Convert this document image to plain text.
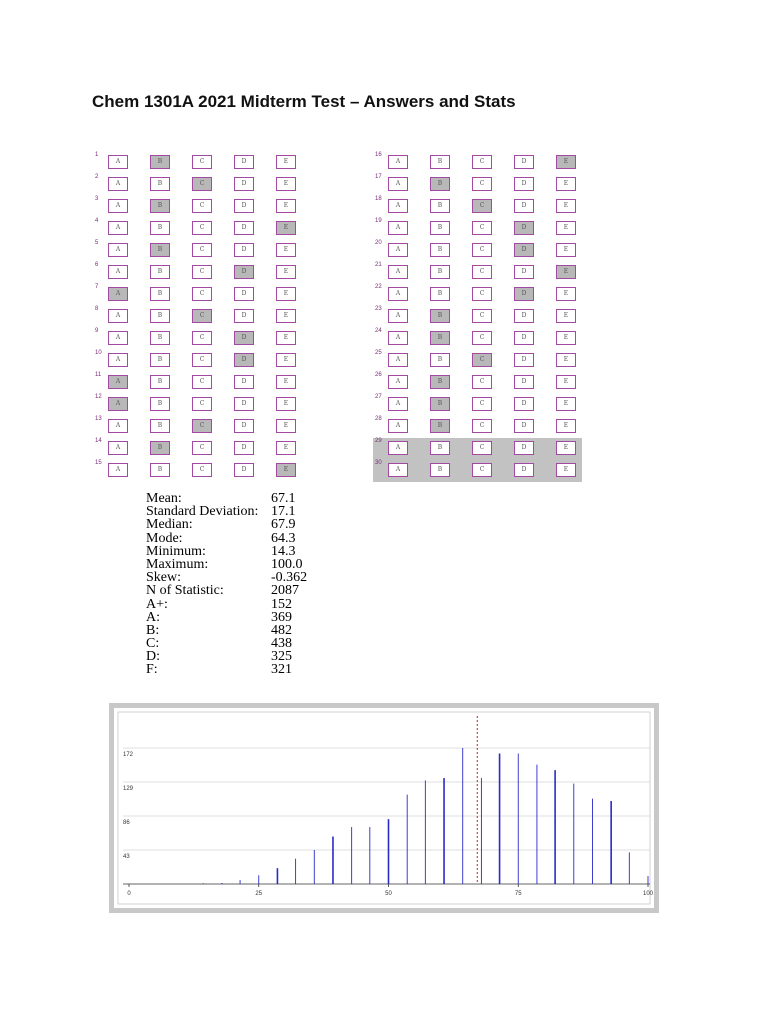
Chem 1301A 2021 Midterm Test – Answers and Stats
1
A	B	C	D	E
2
A	B	C	D	E
3
A	B	C	D	E
4
A	B	C	D	E
5
A	B	C	D	E
6
A	B	C	D	E
7
A	B	C	D	E
8
A	B	C	D	E
9
A	B	C	D	E
10
A	B	C	D	E
11
A	B	C	D	E
12
A	B	C	D	E
13
A	B	C	D	E
14
A	B	C	D	E
15
A	B	C	D	E
16
A	B	C	D	E
17
A	B	C	D	E
18
A	B	C	D	E
19
A	B	C	D	E
20
A	B	C	D	E
21
A	B	C	D	E
22
A	B	C	D	E
23
A	B	C	D	E
24
A	B	C	D	E
25
A	B	C	D	E
26
A	B	C	D	E
27
A	B	C	D	E
28
A	B	C	D	E
29
A	B	C	D	E
30
A	B	C	D	E
Mean:	67.1
Standard Deviation: 17.1
Median:	67.9
Mode:	64.3
Minimum:	14.3
Maximum:	100.0
Skew:	-0.362
N of Statistic:	2087
A+:	152
A:	369
B:	482
C:	438
D:	325
F:	321
43
86
129
172
0	25	50	75	100
